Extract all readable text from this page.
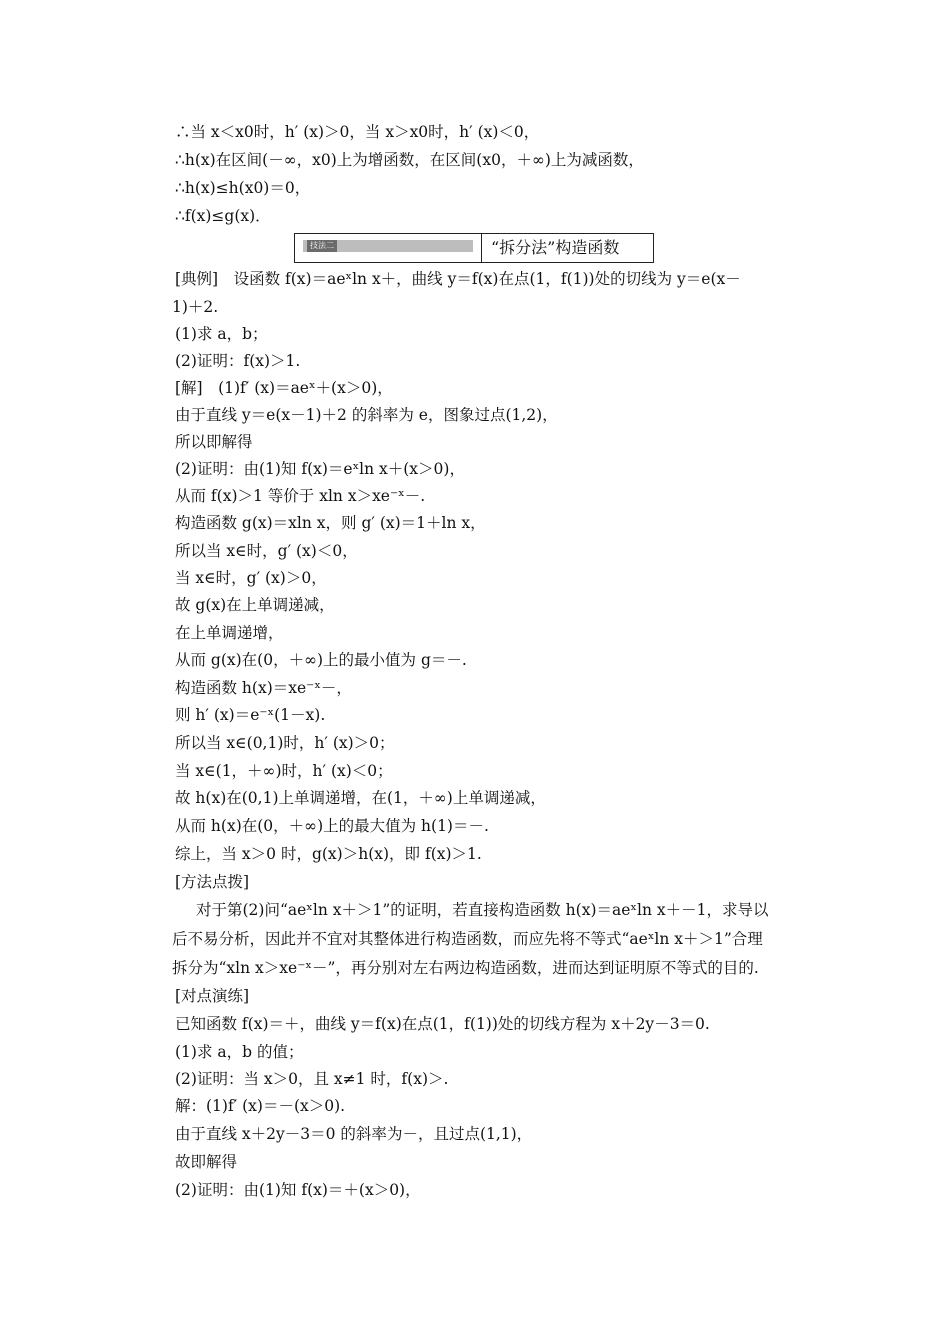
∴当 x＜x0时，h′ (x)＞0，当 x＞x0时，h′ (x)＜0，

∴h(x)在区间(－∞，x0)上为增函数，在区间(x0，＋∞)上为减函数，

∴h(x)≤h(x0)＝0，

∴f(x)≤g(x)．

技法二	“拆分法”构造函数

[典例]　设函数 f(x)＝aeˣln x＋，曲线 y＝f(x)在点(1，f(1))处的切线为 y＝e(x－

1)＋2.

(1)求 a，b；

(2)证明：f(x)＞1.

[解]　(1)f′ (x)＝aeˣ＋(x＞0)，

由于直线 y＝e(x－1)＋2 的斜率为 e，图象过点(1,2)，

所以即解得

(2)证明：由(1)知 f(x)＝eˣln x＋(x＞0)，

从而 f(x)＞1 等价于 xln x＞xe⁻ˣ－.

构造函数 g(x)＝xln x，则 g′ (x)＝1＋ln x，

所以当 x∈时，g′ (x)＜0，

当 x∈时，g′ (x)＞0，

故 g(x)在上单调递减，

在上单调递增，

从而 g(x)在(0，＋∞)上的最小值为 g＝－.

构造函数 h(x)＝xe⁻ˣ－，

则 h′ (x)＝e⁻ˣ(1－x).

所以当 x∈(0,1)时，h′ (x)＞0；

当 x∈(1，＋∞)时，h′ (x)＜0；

故 h(x)在(0,1)上单调递增，在(1，＋∞)上单调递减，

从而 h(x)在(0，＋∞)上的最大值为 h(1)＝－.

综上，当 x＞0 时，g(x)＞h(x)，即 f(x)＞1.

[方法点拨]

对于第(2)问“aeˣln x＋＞1”的证明，若直接构造函数 h(x)＝aeˣln x＋－1，求导以

后不易分析，因此并不宜对其整体进行构造函数，而应先将不等式“aeˣln x＋＞1”合理

拆分为“xln x＞xe⁻ˣ－”，再分别对左右两边构造函数，进而达到证明原不等式的目的.

[对点演练]

已知函数 f(x)＝＋，曲线 y＝f(x)在点(1，f(1))处的切线方程为 x＋2y－3＝0.

(1)求 a，b 的值；

(2)证明：当 x＞0，且 x≠1 时，f(x)＞.

解：(1)f′ (x)＝－(x＞0).

由于直线 x＋2y－3＝0 的斜率为－，且过点(1,1)，

故即解得

(2)证明：由(1)知 f(x)＝＋(x＞0)，
